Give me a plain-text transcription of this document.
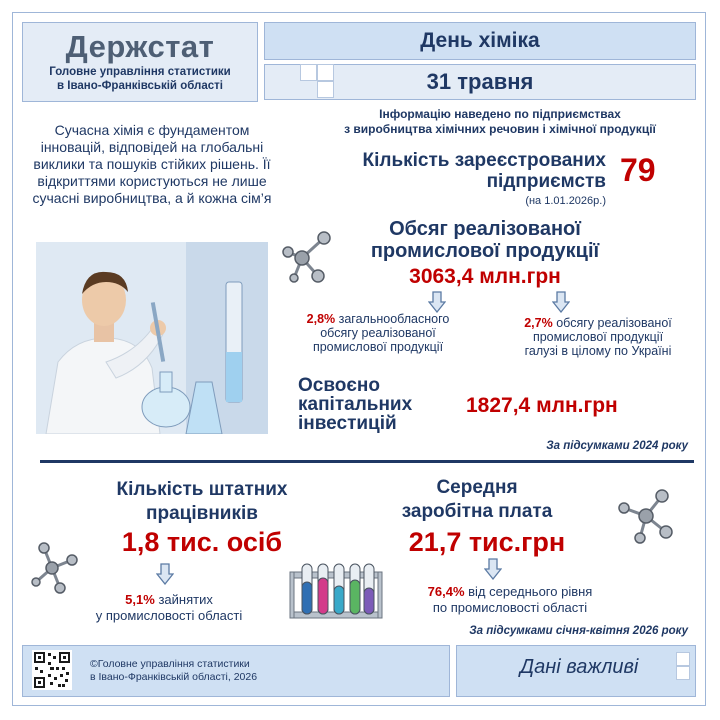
Держстат
Головне управління статистики
в Івано-Франківській області
День хіміка
31 травня
Сучасна хімія є фундаментом інновацій, відповідей на глобальні виклики та пошуків стійких рішень. Її відкриттями користуються не лише сучасні виробництва, а й кожна сім’я
Інформацію наведено по підприємствах
з виробництва хімічних речовин і хімічної продукції
Кількість зареєстрованих
підприємств
(на 1.01.2026р.)
79
Обсяг реалізованої
промислової продукції
3063,4 млн.грн
2,8% загальнообласного
обсягу реалізованої
промислової продукції
2,7% обсягу реалізованої
промислової продукції
галузі в цілому по Україні
Освоєно
капітальних
інвестицій
1827,4 млн.грн
За підсумками 2024 року
Кількість штатних
працівників
1,8 тис. осіб
5,1% зайнятих
у промисловості області
Середня
заробітна плата
21,7 тис.грн
76,4% від середнього рівня
по промисловості області
За підсумками січня-квітня 2026 року
©Головне управління статистики
в Івано-Франківській області, 2026	Дані важливі
